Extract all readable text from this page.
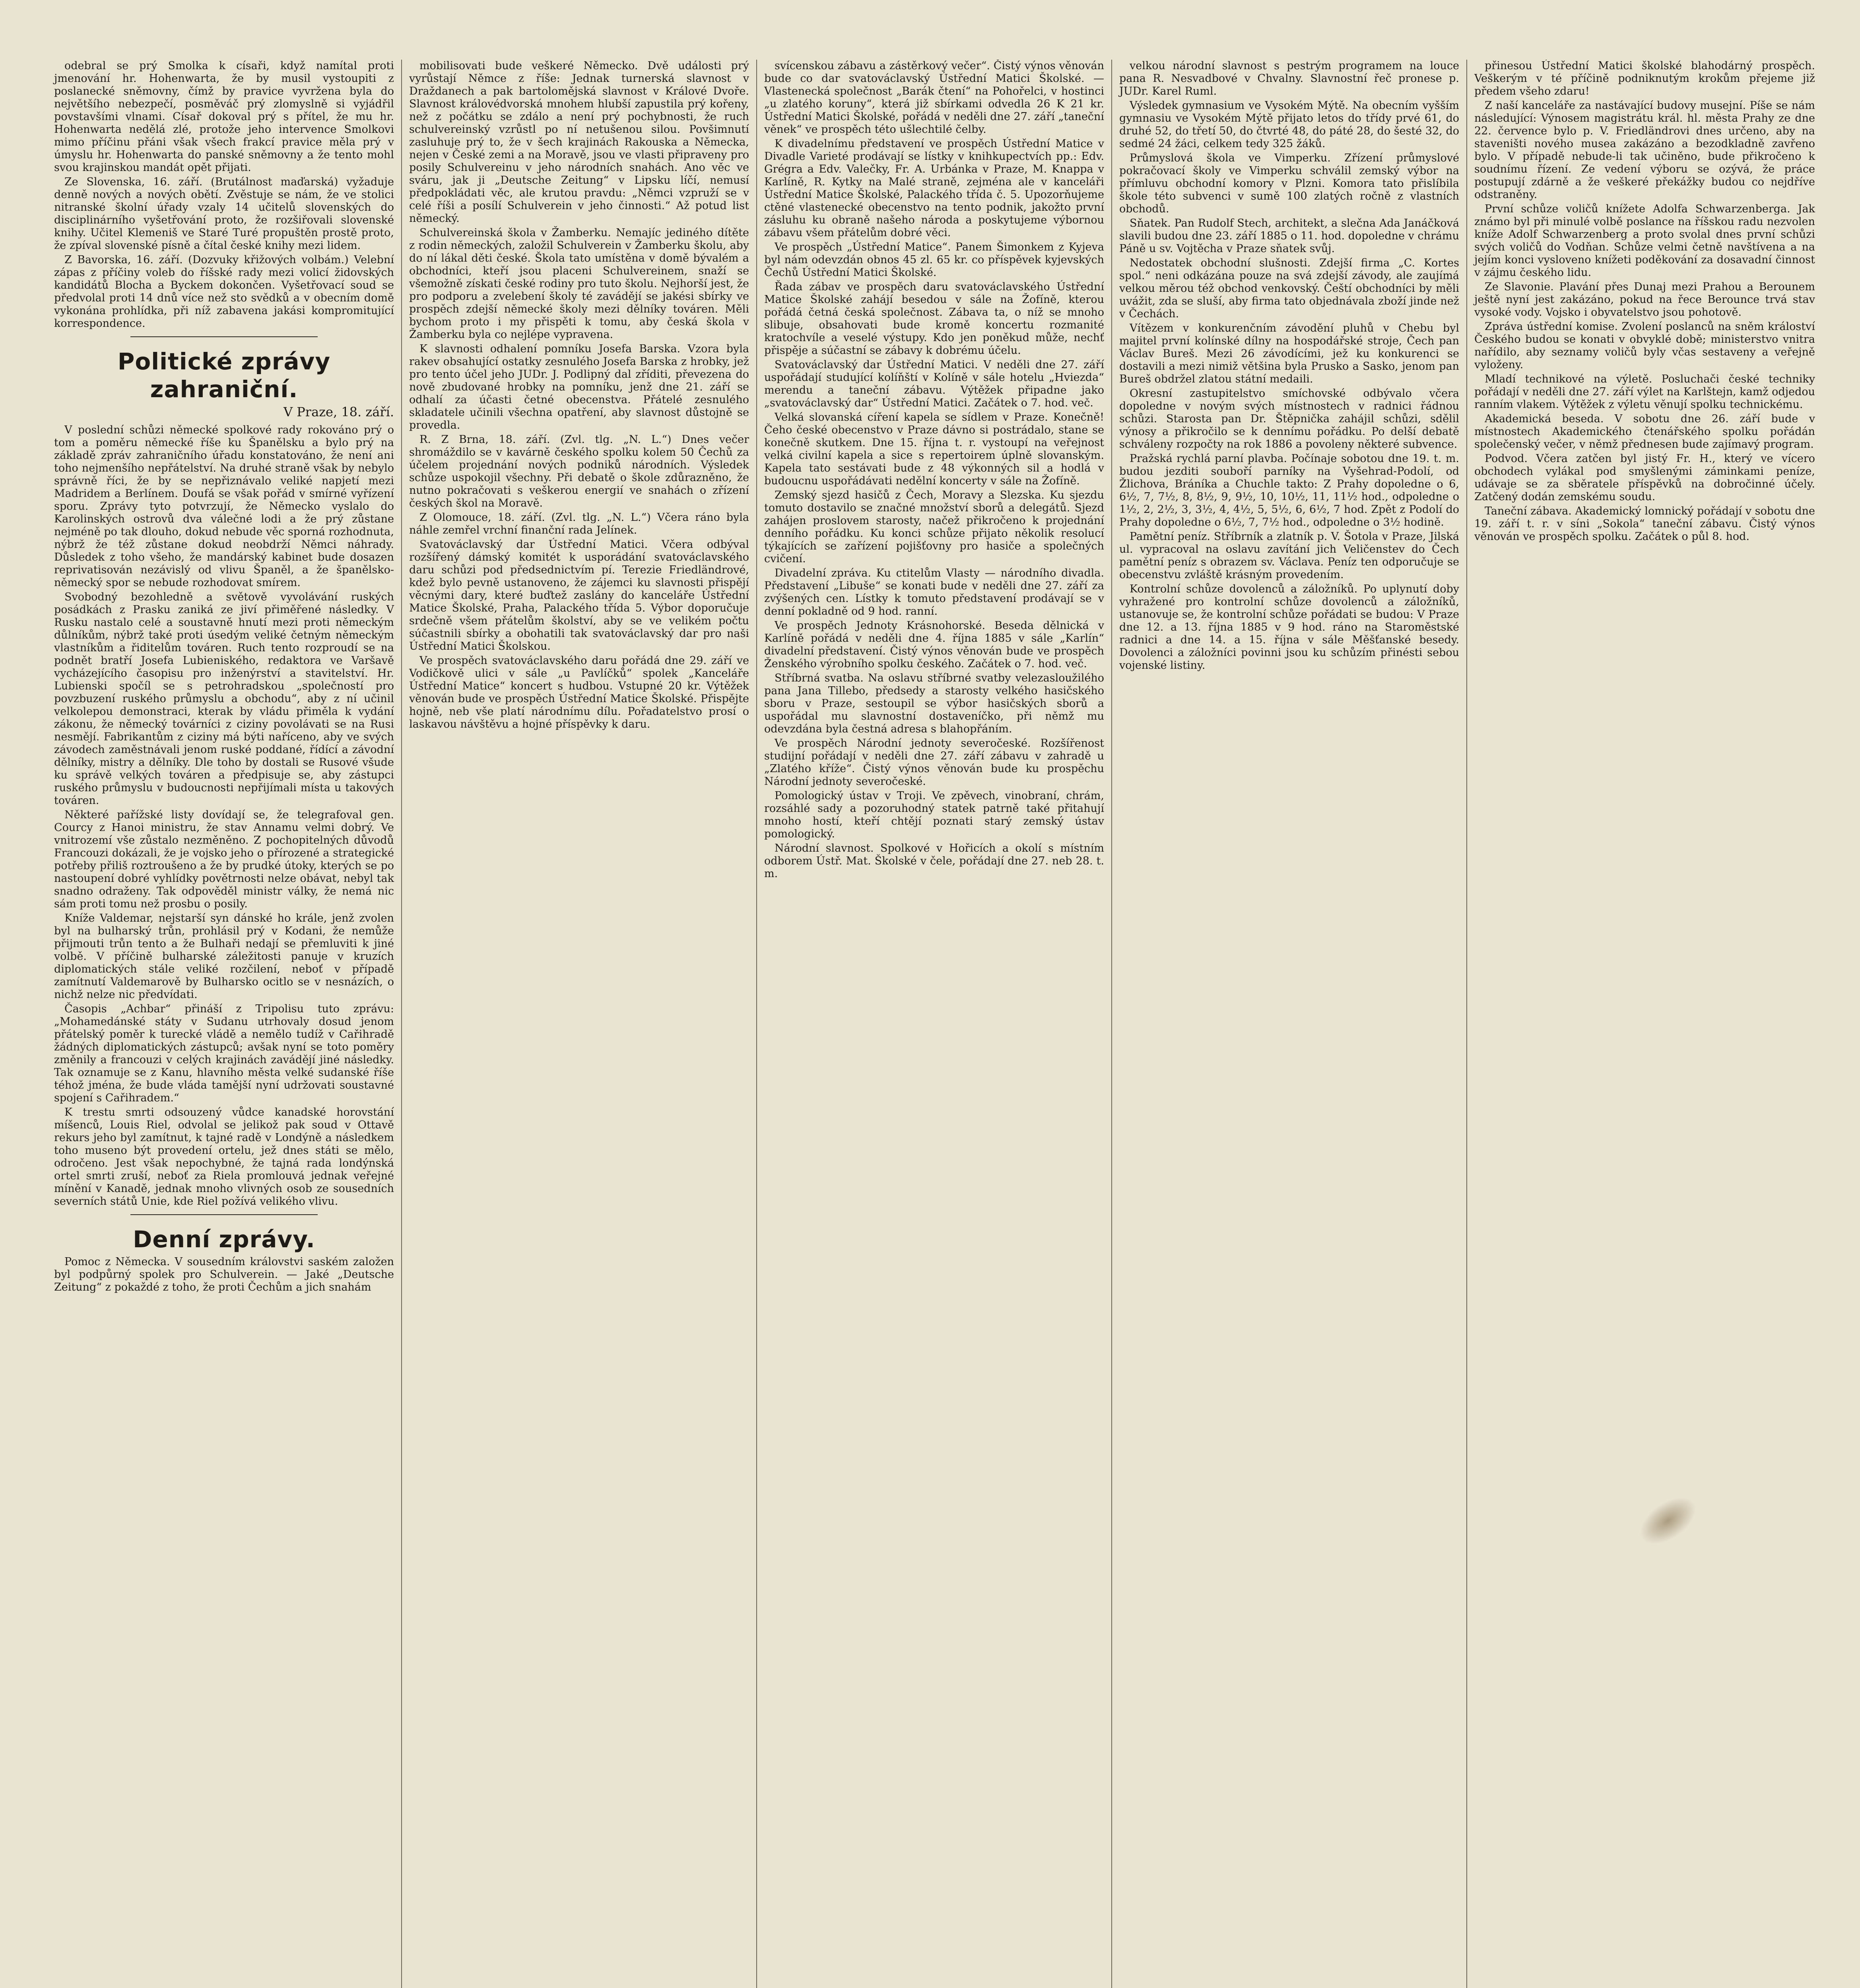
odebral se prý Smolka k císaři, když namítal proti jmenování hr. Hohenwarta, že by musil vystoupiti z poslanecké sněmovny, čímž by pravice vyvržena byla do největšího nebezpečí, posměváč prý zlomyslně si vyjádřil povstavšími vlnami. Císař dokoval prý s přítel, že mu hr. Hohenwarta nedělá zlé, protože jeho intervence Smolkovi mimo příčinu přáni však všech frakcí pravice měla prý v úmyslu hr. Hohenwarta do panské sněmovny a že tento mohl svou krajinskou mandát opět přijati.

Ze Slovenska, 16. září. (Brutálnost maďarská) vyžaduje denně nových a nových obětí. Zvěstuje se nám, že ve stolici nitranské školní úřady vzaly 14 učitelů slovenských do disciplinárního vyšetřování proto, že rozšiřovali slovenské knihy. Učitel Klemeniš ve Staré Turé propuštěn prostě proto, že zpíval slovenské písně a čítal české knihy mezi lidem.

Z Bavorska, 16. září. (Dozvuky křižových volbám.) Velební zápas z příčiny voleb do říšské rady mezi volicí židovských kandidátů Blocha a Byckem dokončen. Vyšetřovací soud se předvolal proti 14 dnů více než sto svědků a v obecním domě vykonána prohlídka, při níž zabavena jakási kompromitující korrespondence.

Politické zprávy zahraniční.
V Praze, 18. září.

V poslední schůzi německé spolkové rady rokováno prý o tom a poměru německé říše ku Španělsku a bylo prý na základě zpráv zahraničního úřadu konstatováno, že není ani toho nejmenšího nepřátelství. Na druhé straně však by nebylo správně říci, že by se nepřiznávalo veliké napjetí mezi Madridem a Berlínem. Doufá se však pořád v smírné vyřízení sporu. Zprávy tyto potvrzují, že Německo vyslalo do Karolinských ostrovů dva válečné lodi a že prý zůstane nejméně po tak dlouho, dokud nebude věc sporná rozhodnuta, nýbrž že též zůstane dokud neobdrží Němci náhrady. Důsledek z toho všeho, že mandárský kabinet bude dosazen reprivatisován nezávislý od vlivu Španěl, a že španělsko-německý spor se nebude rozhodovat smírem.

Svobodný bezohledně a světově vyvolávání ruských posádkách z Prasku zaniká ze jiví přiměřené následky. V Rusku nastalo celé a soustavně hnutí mezi proti německým důlníkům, nýbrž také proti úsedým veliké četným německým vlastníkům a řiditelům továren. Ruch tento rozproudí se na podnět bratří Josefa Lubieniského, redaktora ve Varšavě vycházejícího časopisu pro inženýrství a stavitelství. Hr. Lubienski spočíl se s petrohradskou „společností pro povzbuzení ruského průmyslu a obchodu“, aby z ní učinil velkolepou demonstraci, kterak by vládu přiměla k vydání zákonu, že německý továrníci z ciziny povolávati se na Rusi nesmějí. Fabrikantům z ciziny má býti naříceno, aby ve svých závodech zaměstnávali jenom ruské poddané, řídící a závodní dělníky, mistry a dělníky. Dle toho by dostali se Rusové všude ku správě velkých továren a předpisuje se, aby zástupci ruského průmyslu v budoucnosti nepřijímali místa u takových továren.

Některé pařížské listy dovídají se, že telegrafoval gen. Courcy z Hanoi ministru, že stav Annamu velmi dobrý. Ve vnitrozemí vše zůstalo nezměněno. Z pochopitelných důvodů Francouzi dokázali, že je vojsko jeho o přírozené a strategické potřeby přiliš roztroušeno a že by prudké útoky, kterých se po nastoupení dobré vyhlídky povětrnosti nelze obávat, nebyl tak snadno odraženy. Tak odpověděl ministr války, že nemá nic sám proti tomu než prosbu o posily.

Kníže Valdemar, nejstarší syn dánské ho krále, jenž zvolen byl na bulharský trůn, prohlásil prý v Kodani, že nemůže přijmouti trůn tento a že Bulhaři nedají se přemluviti k jiné volbě. V příčině bulharské záležitosti panuje v kruzích diplomatických stále veliké rozčilení, neboť v případě zamítnutí Valdemarově by Bulharsko ocitlo se v nesnázích, o nichž nelze nic předvídati.

Časopis „Achbar“ přináší z Tripolisu tuto zprávu: „Mohamedánské státy v Sudanu utrhovaly dosud jenom přátelský poměr k turecké vládě a nemělo tudíž v Cařihradě žádných diplomatických zástupců; avšak nyní se toto poměry změnily a francouzi v celých krajinách zavádějí jiné následky. Tak oznamuje se z Kanu, hlavního města velké sudanské říše téhož jména, že bude vláda tamější nyní udržovati soustavné spojení s Cařihradem.“

K trestu smrti odsouzený vůdce kanadské horovstání míšenců, Louis Riel, odvolal se jelikož pak soud v Ottavě rekurs jeho byl zamítnut, k tajné radě v Londýně a následkem toho museno být provedení ortelu, jež dnes státi se mělo, odročeno. Jest však nepochybné, že tajná rada londýnská ortel smrti zruší, neboť za Riela promlouvá jednak veřejné mínění v Kanadě, jednak mnoho vlivných osob ze sousedních severních států Unie, kde Riel požívá velikého vlivu.

Denní zprávy.

Pomoc z Německa. V sousedním královstvi saském založen byl podpůrný spolek pro Schulverein. — Jaké „Deutsche Zeitung“ z pokaždé z toho, že proti Čechům a jich snahám

mobilisovati bude veškeré Německo. Dvě události prý vyrůstají Němce z říše: Jednak turnerská slavnost v Draždanech a pak bartolomějská slavnost v Králové Dvoře. Slavnost královédvorská mnohem hlubší zapustila prý kořeny, než z počátku se zdálo a není prý pochybnosti, že ruch schulvereinský vzrůstl po ní netušenou silou. Povšimnutí zasluhuje prý to, že v šech krajinách Rakouska a Německa, nejen v České zemi a na Moravě, jsou ve vlasti připraveny pro posily Schulvereinu v jeho národních snahách. Ano věc ve sváru, jak ji „Deutsche Zeitung“ v Lipsku líčí, nemusí předpokládati věc, ale krutou pravdu: „Němci vzpruží se v celé říši a posílí Schulverein v jeho činnosti.“ Až potud list německý.

Schulvereinská škola v Žamberku. Nemajíc jediného dítěte z rodin německých, založil Schulverein v Žamberku školu, aby do ní lákal děti české. Škola tato umístěna v domě bývalém a obchodníci, kteří jsou placeni Schulvereinem, snaží se všemožně získati české rodiny pro tuto školu. Nejhorší jest, že pro podporu a zvelebení školy té zavádějí se jakési sbírky ve prospěch zdejší německé školy mezi dělníky továren. Měli bychom proto i my přispěti k tomu, aby česká škola v Žamberku byla co nejlépe vypravena.

K slavnosti odhalení pomníku Josefa Barska. Vzora byla rakev obsahující ostatky zesnulého Josefa Barska z hrobky, jež pro tento účel jeho JUDr. J. Podlipný dal zříditi, převezena do nově zbudované hrobky na pomníku, jenž dne 21. září se odhalí za účasti četné obecenstva. Přátelé zesnulého skladatele učinili všechna opatření, aby slavnost důstojně se provedla.

R. Z Brna, 18. září. (Zvl. tlg. „N. L.“) Dnes večer shromáždilo se v kavárně českého spolku kolem 50 Čechů za účelem projednání nových podniků národních. Výsledek schůze uspokojil všechny. Při debatě o škole zdůrazněno, že nutno pokračovati s veškerou energií ve snahách o zřízení českých škol na Moravě.

Z Olomouce, 18. září. (Zvl. tlg. „N. L.“) Včera ráno byla náhle zemřel vrchní finanční rada Jelínek.

Svatováclavský dar Ústřední Matici. Včera odbýval rozšířený dámský komitét k usporádání svatováclavského daru schůzi pod předsednictvím pí. Terezie Friedländrové, kdež bylo pevně ustanoveno, že zájemci ku slavnosti přispějí věcnými dary, které buďtež zaslány do kanceláře Ústřední Matice Školské, Praha, Palackého třída 5. Výbor doporučuje srdečně všem přátelům školství, aby se ve velikém počtu súčastnili sbírky a obohatili tak svatováclavský dar pro naši Ústřední Matici Školskou.

Ve prospěch svatováclavského daru pořádá dne 29. září ve Vodičkově ulici v sále „u Pavlíčků“ spolek „Kanceláře Ústřední Matice“ koncert s hudbou. Vstupné 20 kr. Výtěžek věnován bude ve prospěch Ústřední Matice Školské. Přispějte hojně, neb vše platí národnímu dílu. Pořadatelstvo prosí o laskavou návštěvu a hojné příspěvky k daru.

svícenskou zábavu a zástěrkový večer“. Čistý výnos věnován bude co dar svatováclavský Ústřední Matici Školské. — Vlastenecká společnost „Barák čtení“ na Pohořelci, v hostinci „u zlatého koruny“, která již sbírkami odvedla 26 K 21 kr. Ústřední Matici Školské, pořádá v neděli dne 27. září „taneční věnek“ ve prospěch této ušlechtilé čelby.

K divadelnímu představení ve prospěch Ústřední Matice v Divadle Varieté prodávají se lístky v knihkupectvích pp.: Edv. Grégra a Edv. Valečky, Fr. A. Urbánka v Praze, M. Knappa v Karlíně, R. Kytky na Malé straně, zejména ale v kanceláři Ústřední Matice Školské, Palackého třída č. 5. Upozorňujeme ctěné vlastenecké obecenstvo na tento podnik, jakožto první zásluhu ku obraně našeho národa a poskytujeme výbornou zábavu všem přátelům dobré věci.

Ve prospěch „Ústřední Matice“. Panem Šimonkem z Kyjeva byl nám odevzdán obnos 45 zl. 65 kr. co příspěvek kyjevských Čechů Ústřední Matici Školské.

Řada zábav ve prospěch daru svatováclavského Ústřední Matice Školské zahájí besedou v sále na Žofíně, kterou pořádá četná česká společnost. Zábava ta, o níž se mnoho slibuje, obsahovati bude kromě koncertu rozmanité kratochvíle a veselé výstupy. Kdo jen poněkud může, nechť přispěje a súčastní se zábavy k dobrému účelu.

Svatováclavský dar Ústřední Matici. V neděli dne 27. září uspořádají studující kolíňští v Kolíně v sále hotelu „Hviezda“ merendu a taneční zábavu. Výtěžek připadne jako „svatováclavský dar“ Ústřední Matici. Začátek o 7. hod. več.

Velká slovanská cíření kapela se sídlem v Praze. Konečně! Čeho české obecenstvo v Praze dávno si postrádalo, stane se konečně skutkem. Dne 15. října t. r. vystoupí na veřejnost velká civilní kapela a sice s repertoirem úplně slovanským. Kapela tato sestávati bude z 48 výkonných sil a hodlá v budoucnu uspořádávati nedělní koncerty v sále na Žofíně.

Zemský sjezd hasičů z Čech, Moravy a Slezska. Ku sjezdu tomuto dostavilo se značné množství sborů a delegátů. Sjezd zahájen proslovem starosty, načež přikročeno k projednání denního pořádku. Ku konci schůze přijato několik resolucí týkajících se zařízení pojišťovny pro hasiče a společných cvičení.

Divadelní zpráva. Ku ctitelům Vlasty — národního divadla. Představení „Libuše“ se konati bude v neděli dne 27. září za zvýšených cen. Lístky k tomuto představení prodávají se v denní pokladně od 9 hod. ranní.

Ve prospěch Jednoty Krásnohorské. Beseda dělnická v Karlíně pořádá v neděli dne 4. října 1885 v sále „Karlín“ divadelní představení. Čistý výnos věnován bude ve prospěch Ženského výrobního spolku českého. Začátek o 7. hod. več.

Stříbrná svatba. Na oslavu stříbrné svatby velezasloužilého pana Jana Tillebo, předsedy a starosty velkého hasičského sboru v Praze, sestoupil se výbor hasičských sborů a uspořádal mu slavnostní dostaveníčko, při němž mu odevzdána byla čestná adresa s blahopřáním.

Ve prospěch Národní jednoty severočeské. Rozšířenost studijní pořádají v neděli dne 27. září zábavu v zahradě u „Zlatého kříže“. Čistý výnos věnován bude ku prospěchu Národní jednoty severočeské.

Pomologický ústav v Troji. Ve zpěvech, vinobraní, chrám, rozsáhlé sady a pozoruhodný statek patrně také přitahují mnoho hostí, kteří chtějí poznati starý zemský ústav pomologický.

Národní slavnost. Spolkové v Hořicích a okolí s místním odborem Ústř. Mat. Školské v čele, pořádají dne 27. neb 28. t. m.

velkou národní slavnost s pestrým programem na louce pana R. Nesvadbové v Chvalny. Slavnostní řeč pronese p. JUDr. Karel Ruml.

Výsledek gymnasium ve Vysokém Mýtě. Na obecním vyšším gymnasiu ve Vysokém Mýtě přijato letos do třídy prvé 61, do druhé 52, do třetí 50, do čtvrté 48, do páté 28, do šesté 32, do sedmé 24 žáci, celkem tedy 325 žáků.

Průmyslová škola ve Vimperku. Zřízení průmyslové pokračovací školy ve Vimperku schválil zemský výbor na přímluvu obchodní komory v Plzni. Komora tato přislíbila škole této subvenci v sumě 100 zlatých ročně z vlastních obchodů.

Sňatek. Pan Rudolf Stech, architekt, a slečna Ada Janáčková slavili budou dne 23. září 1885 o 11. hod. dopoledne v chrámu Páně u sv. Vojtěcha v Praze sňatek svůj.

Nedostatek obchodní slušnosti. Zdejší firma „C. Kortes spol.“ neni odkázána pouze na svá zdejší závody, ale zaujímá velkou měrou též obchod venkovský. Čeští obchodníci by měli uvážit, zda se sluší, aby firma tato objednávala zboží jinde než v Čechách.

Vítězem v konkurenčním závodění pluhů v Chebu byl majitel první kolínské dílny na hospodářské stroje, Čech pan Václav Bureš. Mezi 26 závodícími, jež ku konkurenci se dostavili a mezi nimiž většina byla Prusko a Sasko, jenom pan Bureš obdržel zlatou státní medaili.

Okresní zastupitelstvo smíchovské odbývalo včera dopoledne v novým svých místnostech v radnici řádnou schůzi. Starosta pan Dr. Štěpnička zahájil schůzi, sdělil výnosy a přikročilo se k dennímu pořádku. Po delší debatě schváleny rozpočty na rok 1886 a povoleny některé subvence.

Pražská rychlá parní plavba. Počínaje sobotou dne 19. t. m. budou jezditi souboří parníky na Vyšehrad-Podolí, od Žlichova, Bráníka a Chuchle takto: Z Prahy dopoledne o 6, 6½, 7, 7½, 8, 8½, 9, 9½, 10, 10½, 11, 11½ hod., odpoledne o 1½, 2, 2½, 3, 3½, 4, 4½, 5, 5½, 6, 6½, 7 hod. Zpět z Podolí do Prahy dopoledne o 6½, 7, 7½ hod., odpoledne o 3½ hodině.

Pamětní peníz. Stříbrník a zlatník p. V. Šotola v Praze, Jilská ul. vypracoval na oslavu zavítání jich Veličenstev do Čech pamětní peníz s obrazem sv. Václava. Peníz ten odporučuje se obecenstvu zvláště krásným provedením.

Kontrolní schůze dovolenců a záložníků. Po uplynutí doby vyhražené pro kontrolní schůze dovolenců a záložníků, ustanovuje se, že kontrolní schůze pořádati se budou: V Praze dne 12. a 13. října 1885 v 9 hod. ráno na Staroměstské radnici a dne 14. a 15. října v sále Měšťanské besedy. Dovolenci a záložníci povinni jsou ku schůzím přinésti sebou vojenské listiny.

přinesou Ústřední Matici školské blahodárný prospěch. Veškerým v té příčině podniknutým krokům přejeme již předem všeho zdaru!

Z naší kanceláře za nastávající budovy musejní. Píše se nám následující: Výnosem magistrátu král. hl. města Prahy ze dne 22. července bylo p. V. Friedländrovi dnes určeno, aby na staveništi nového musea zakázáno a bezodkladně zavřeno bylo. V případě nebude-li tak učiněno, bude přikročeno k soudnímu řízení. Ze vedení výboru se ozývá, že práce postupují zdárně a že veškeré překážky budou co nejdříve odstraněny.

První schůze voličů knížete Adolfa Schwarzenberga. Jak známo byl při minulé volbě poslance na říšskou radu nezvolen kníže Adolf Schwarzenberg a proto svolal dnes první schůzi svých voličů do Vodňan. Schůze velmi četně navštívena a na jejím konci vysloveno knížeti poděkování za dosavadní činnost v zájmu českého lidu.

Ze Slavonie. Plavání přes Dunaj mezi Prahou a Berounem ještě nyní jest zakázáno, pokud na řece Berounce trvá stav vysoké vody. Vojsko i obyvatelstvo jsou pohotově.

Zpráva ústřední komise. Zvolení poslanců na sněm králoství Českého budou se konati v obvyklé době; ministerstvo vnitra nařídilo, aby seznamy voličů byly včas sestaveny a veřejně vyloženy.

Mladí technikové na výletě. Posluchači české techniky pořádají v neděli dne 27. září výlet na Karlštejn, kamž odjedou ranním vlakem. Výtěžek z výletu věnují spolku technickému.

Akademická beseda. V sobotu dne 26. září bude v místnostech Akademického čtenářského spolku pořádán společenský večer, v němž přednesen bude zajímavý program.

Podvod. Včera zatčen byl jistý Fr. H., který ve vícero obchodech vylákal pod smyšlenými záminkami peníze, udávaje se za sběratele příspěvků na dobročinné účely. Zatčený dodán zemskému soudu.

Taneční zábava. Akademický lomnický pořádají v sobotu dne 19. září t. r. v síni „Sokola“ taneční zábavu. Čistý výnos věnován ve prospěch spolku. Začátek o půl 8. hod.
